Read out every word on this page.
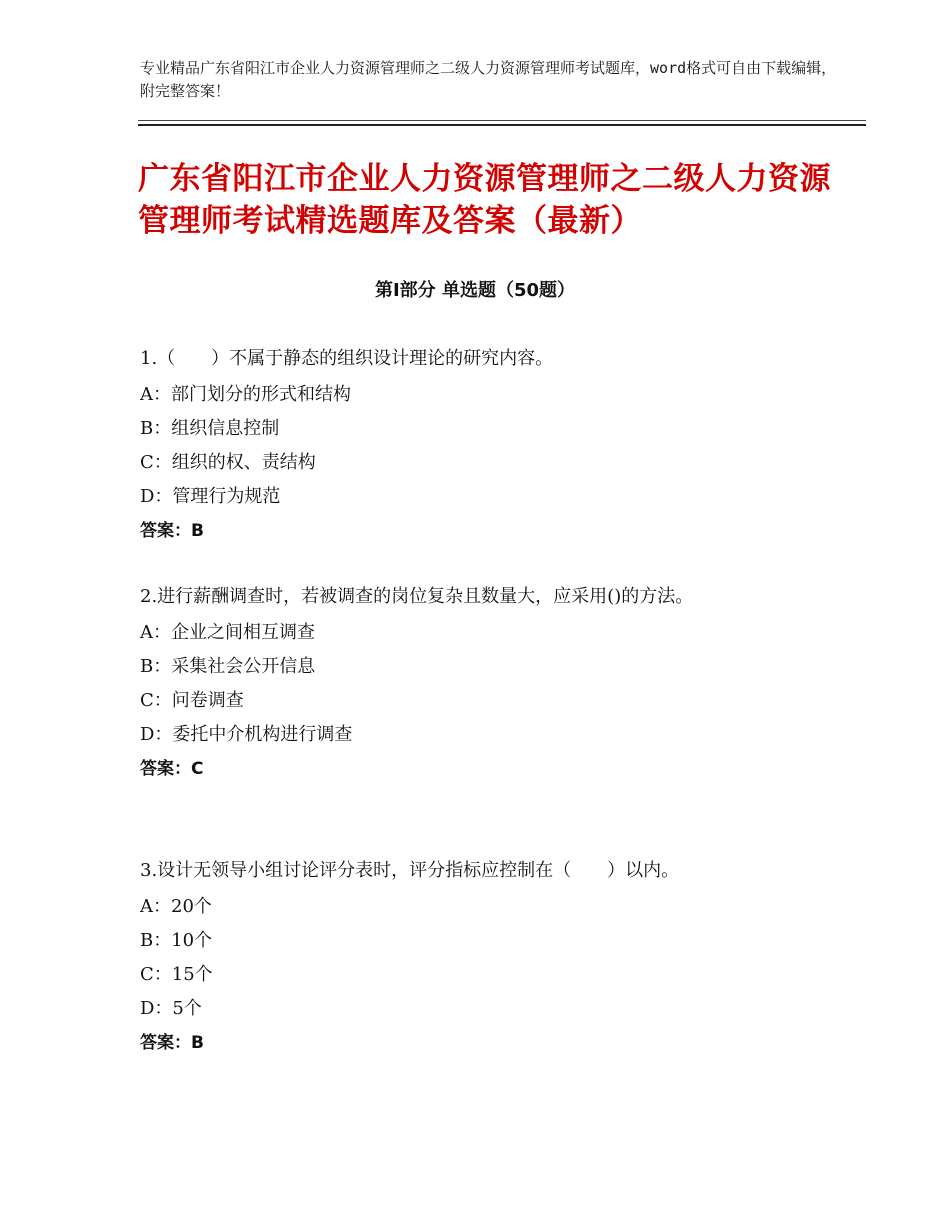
专业精品广东省阳江市企业人力资源管理师之二级人力资源管理师考试题库，word格式可自由下载编辑，附完整答案！
广东省阳江市企业人力资源管理师之二级人力资源管理师考试精选题库及答案（最新）
第Ⅰ部分 单选题（50题）
1.（　　）不属于静态的组织设计理论的研究内容。
A：部门划分的形式和结构
B：组织信息控制
C：组织的权、责结构
D：管理行为规范
答案：B
2.进行薪酬调查时，若被调查的岗位复杂且数量大，应采用()的方法。
A：企业之间相互调查
B：采集社会公开信息
C：问卷调查
D：委托中介机构进行调查
答案：C
3.设计无领导小组讨论评分表时，评分指标应控制在（　　）以内。
A：20个
B：10个
C：15个
D：5个
答案：B
